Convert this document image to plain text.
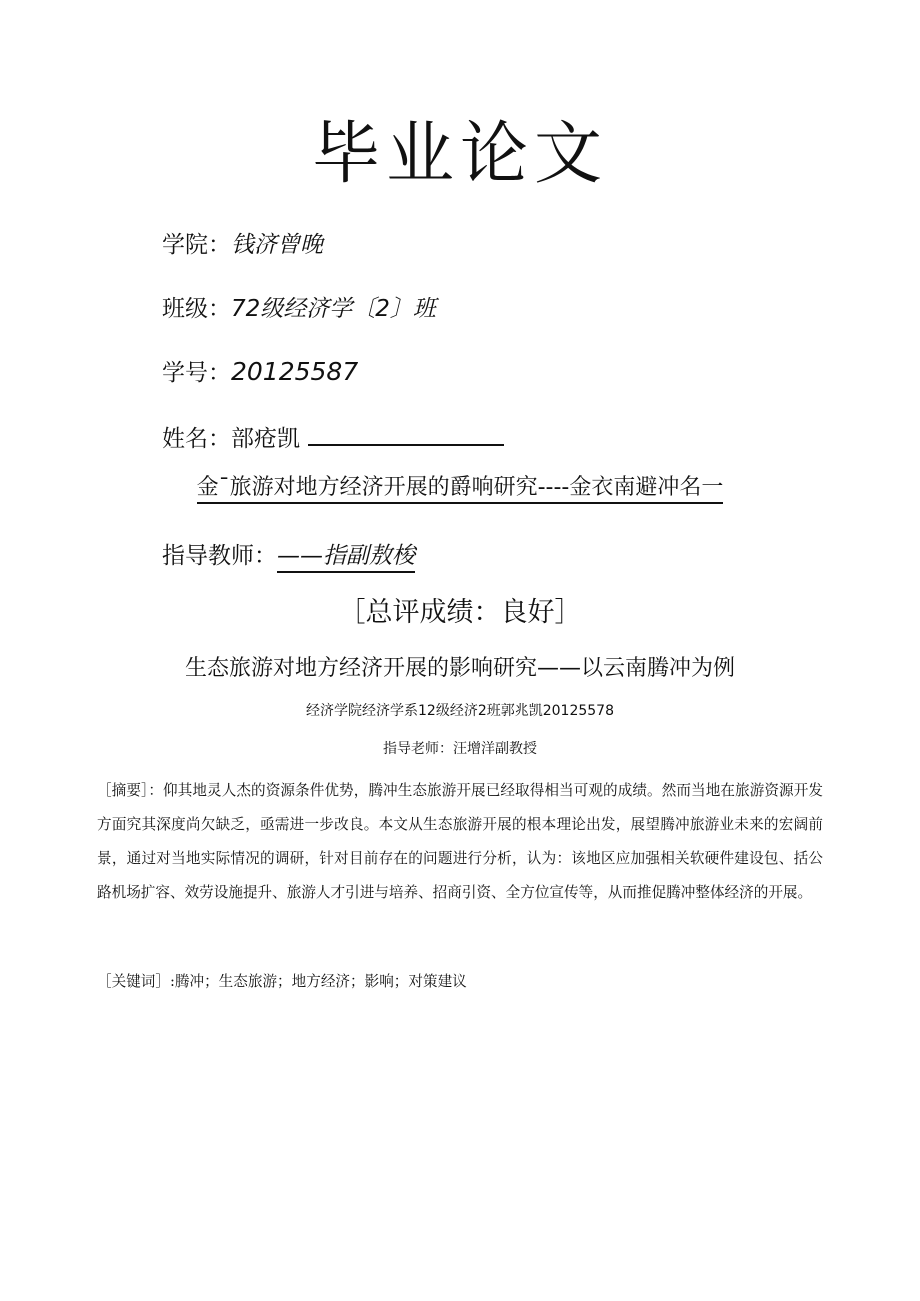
毕业论文
学院：钱济曾晚
班级：72级经济学〔2〕班
学号：20125587
姓名：部疮凯
金ˉ旅游对地方经济开展的爵响研究----金衣南避冲名一
指导教师：——指副敖梭
［总评成绩：良好］
生态旅游对地方经济开展的影响研究——以云南腾冲为例
经济学院经济学系12级经济2班郭兆凯20125578
指导老师：汪增洋副教授

［摘要］：仰其地灵人杰的资源条件优势，腾冲生态旅游开展已经取得相当可观的成绩。然而当地在旅游资源开发方面究其深度尚欠缺乏，亟需进一步改良。本文从生态旅游开展的根本理论出发，展望腾冲旅游业未来的宏阔前景，通过对当地实际情况的调研，针对目前存在的问题进行分析，认为：该地区应加强相关软硬件建设包、括公路机场扩容、效劳设施提升、旅游人才引进与培养、招商引资、全方位宣传等，从而推促腾冲整体经济的开展。

［关键词］:腾冲；生态旅游；地方经济；影响；对策建议
